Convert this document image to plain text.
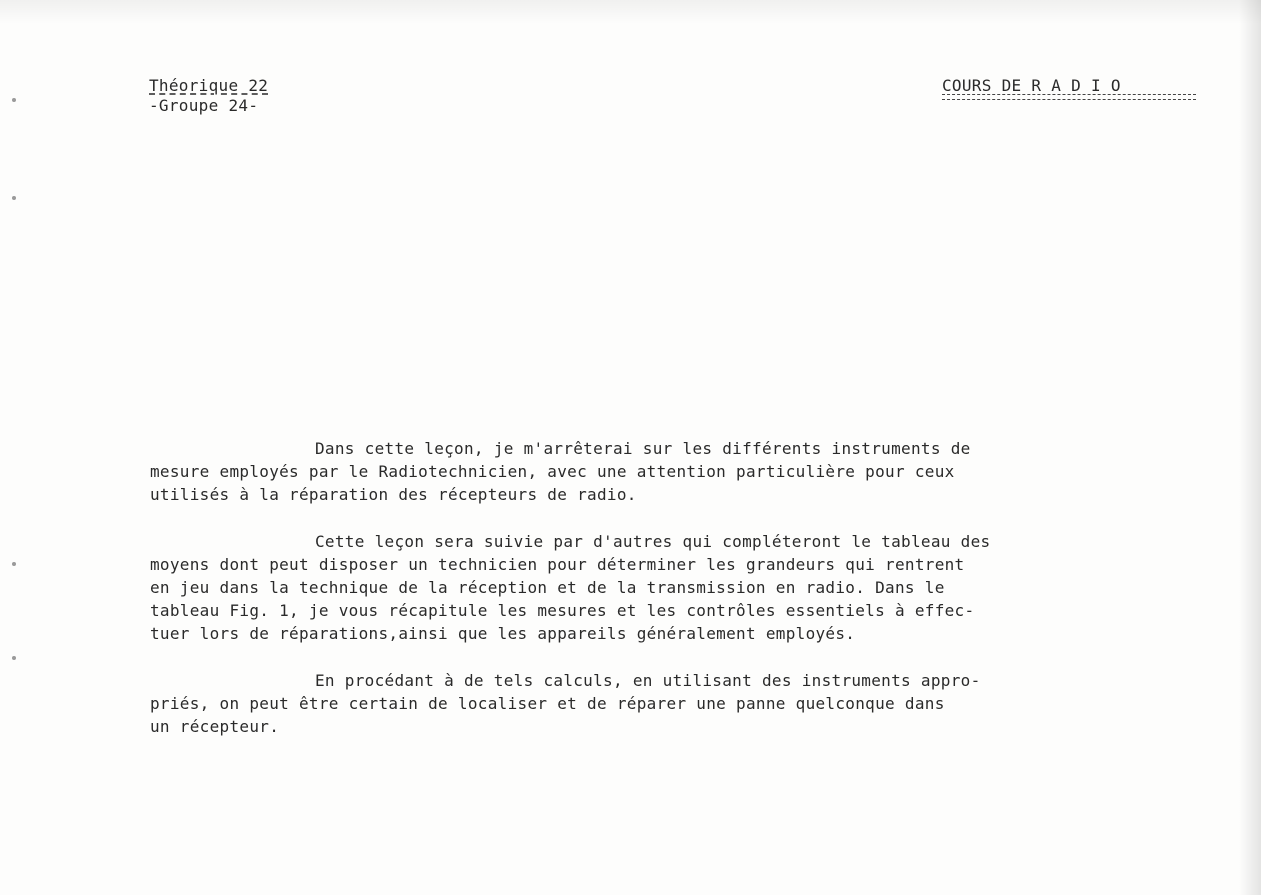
Théorique 22
-Groupe 24-
COURS DE R A D I O

Dans cette leçon, je m'arrêterai sur les différents instruments de
mesure employés par le Radiotechnicien, avec une attention particulière pour ceux
utilisés à la réparation des récepteurs de radio.

Cette leçon sera suivie par d'autres qui compléteront le tableau des
moyens dont peut disposer un technicien pour déterminer les grandeurs qui rentrent
en jeu dans la technique de la réception et de la transmission en radio. Dans le
tableau Fig. 1, je vous récapitule les mesures et les contrôles essentiels à effec-
tuer lors de réparations,ainsi que les appareils généralement employés.

En procédant à de tels calculs, en utilisant des instruments appro-
priés, on peut être certain de localiser et de réparer une panne quelconque dans
un récepteur.
